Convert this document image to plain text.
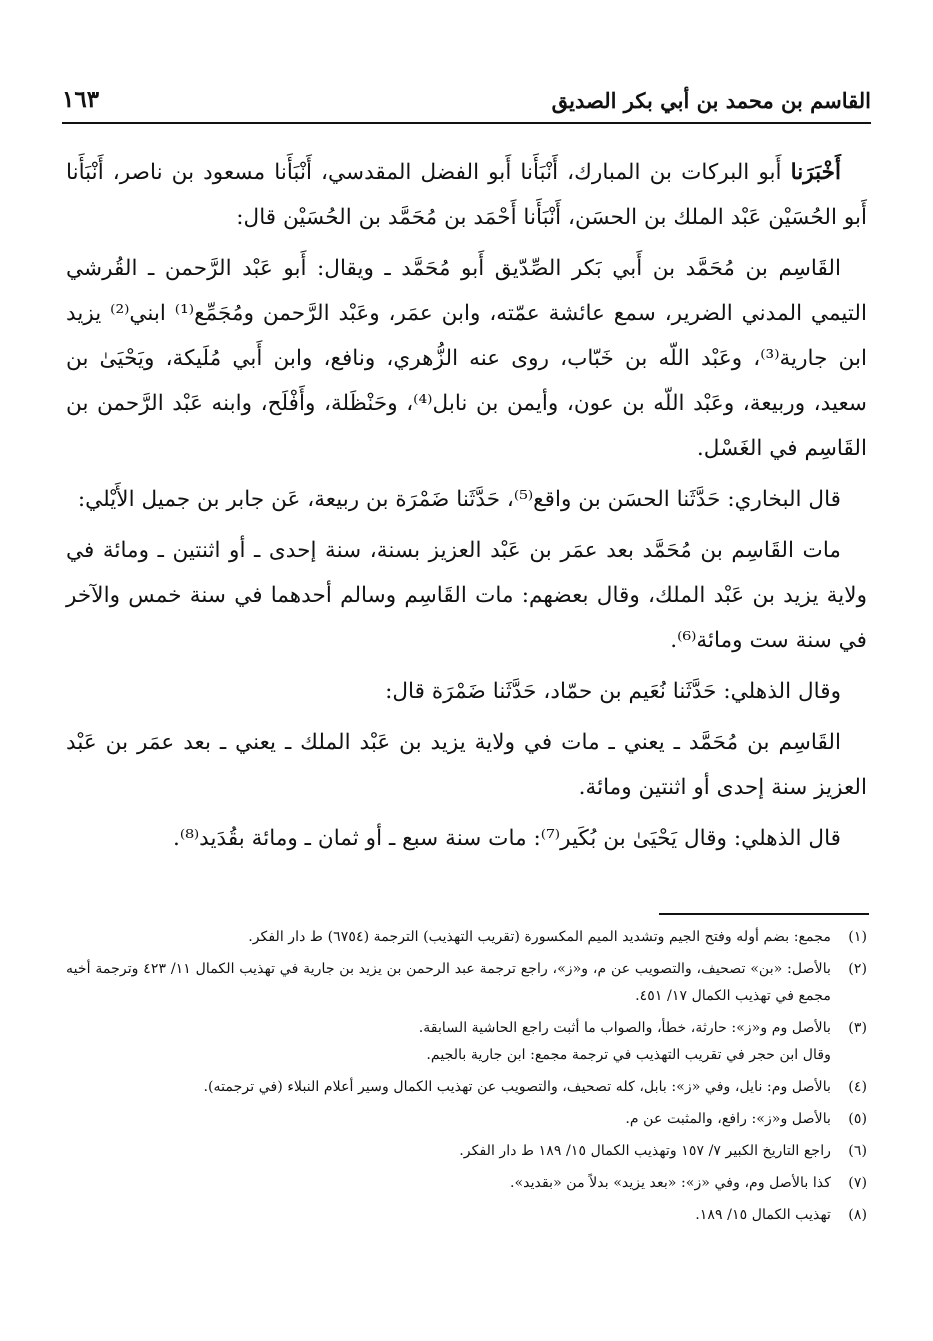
القاسم بن محمد بن أبي بكر الصديق
١٦٣

أَخْبَرَنا أَبو البركات بن المبارك، أَنْبَأَنا أَبو الفضل المقدسي، أَنْبَأَنا مسعود بن ناصر، أَنْبَأَنا أَبو الحُسَيْن عَبْد الملك بن الحسَن، أَنْبَأَنا أَحْمَد بن مُحَمَّد بن الحُسَيْن قال:

القَاسِم بن مُحَمَّد بن أَبي بَكر الصِّدّيق أَبو مُحَمَّد ـ ويقال: أَبو عَبْد الرَّحمن ـ القُرشي التيمي المدني الضرير، سمع عائشة عمّته، وابن عمَر، وعَبْد الرَّحمن ومُجَمِّع⁽¹⁾ ابني⁽²⁾ يزيد ابن جارية⁽³⁾، وعَبْد اللّه بن خَبّاب، روى عنه الزُّهري، ونافع، وابن أَبي مُلَيكة، ويَحْيَىٰ بن سعيد، وربيعة، وعَبْد اللّه بن عون، وأيمن بن نابل⁽⁴⁾، وحَنْظَلة، وأَفْلَح، وابنه عَبْد الرَّحمن بن القَاسِم في الغَسْل.

قال البخاري: حَدَّثَنا الحسَن بن واقع⁽⁵⁾، حَدَّثَنا ضَمْرَة بن ربيعة، عَن جابر بن جميل الأَيْلي:

مات القَاسِم بن مُحَمَّد بعد عمَر بن عَبْد العزيز بسنة، سنة إحدى ـ أو اثنتين ـ ومائة في ولاية يزيد بن عَبْد الملك، وقال بعضهم: مات القَاسِم وسالم أحدهما في سنة خمس والآخر في سنة ست ومائة⁽⁶⁾.

وقال الذهلي: حَدَّثَنا نُعَيم بن حمّاد، حَدَّثَنا ضَمْرَة قال:

القَاسِم بن مُحَمَّد ـ يعني ـ مات في ولاية يزيد بن عَبْد الملك ـ يعني ـ بعد عمَر بن عَبْد العزيز سنة إحدى أو اثنتين ومائة.

قال الذهلي: وقال يَحْيَىٰ بن بُكَير⁽⁷⁾: مات سنة سبع ـ أو ثمان ـ ومائة بقُدَيد⁽⁸⁾.

(١)
مجمع: بضم أوله وفتح الجيم وتشديد الميم المكسورة (تقريب التهذيب) الترجمة (٦٧٥٤) ط دار الفكر.
(٢)
بالأصل: «بن» تصحيف، والتصويب عن م، و«ز»، راجع ترجمة عبد الرحمن بن يزيد بن جارية في تهذيب الكمال ١١/ ٤٢٣ وترجمة أخيه مجمع في تهذيب الكمال ١٧/ ٤٥١.
(٣)
بالأصل وم و«ز»: حارثة، خطأ، والصواب ما أثبت راجع الحاشية السابقة.
وقال ابن حجر في تقريب التهذيب في ترجمة مجمع: ابن جارية بالجيم.
(٤)
بالأصل وم: نايل، وفي «ز»: بابل، كله تصحيف، والتصويب عن تهذيب الكمال وسير أعلام النبلاء (في ترجمته).
(٥)
بالأصل و«ز»: رافع، والمثبت عن م.
(٦)
راجع التاريخ الكبير ٧/ ١٥٧ وتهذيب الكمال ١٥/ ١٨٩ ط دار الفكر.
(٧)
كذا بالأصل وم، وفي «ز»: «بعد يزيد» بدلاً من «بقديد».
(٨)
تهذيب الكمال ١٥/ ١٨٩.
